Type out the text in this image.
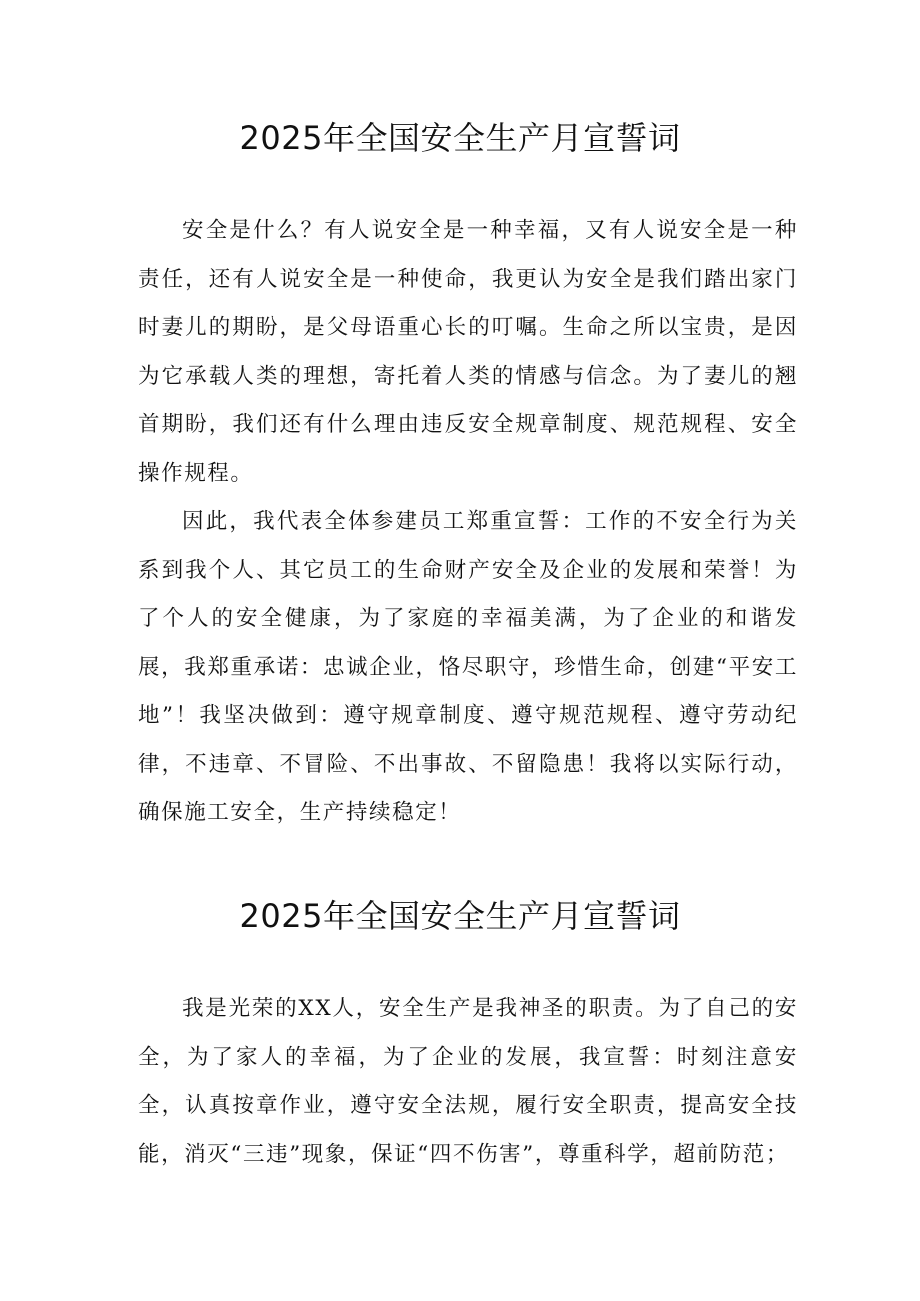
2025年全国安全生产月宣誓词

安全是什么？有人说安全是一种幸福，又有人说安全是一种责任，还有人说安全是一种使命，我更认为安全是我们踏出家门时妻儿的期盼，是父母语重心长的叮嘱。生命之所以宝贵，是因为它承载人类的理想，寄托着人类的情感与信念。为了妻儿的翘首期盼，我们还有什么理由违反安全规章制度、规范规程、安全操作规程。

因此，我代表全体参建员工郑重宣誓：工作的不安全行为关系到我个人、其它员工的生命财产安全及企业的发展和荣誉！为了个人的安全健康，为了家庭的幸福美满，为了企业的和谐发展，我郑重承诺：忠诚企业，恪尽职守，珍惜生命，创建“平安工地”！我坚决做到：遵守规章制度、遵守规范规程、遵守劳动纪律，不违章、不冒险、不出事故、不留隐患！我将以实际行动，确保施工安全，生产持续稳定！

2025年全国安全生产月宣誓词

我是光荣的XX人，安全生产是我神圣的职责。为了自己的安全，为了家人的幸福，为了企业的发展，我宣誓：时刻注意安全，认真按章作业，遵守安全法规，履行安全职责，提高安全技能，消灭“三违”现象，保证“四不伤害”，尊重科学，超前防范；
